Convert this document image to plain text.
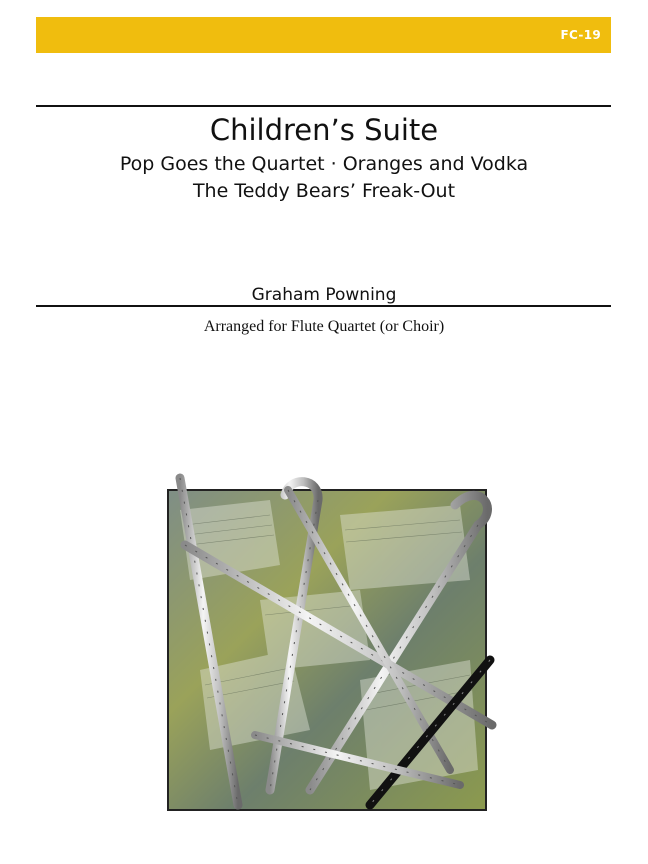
FC-19
Children’s Suite
Pop Goes the Quartet · Oranges and Vodka
The Teddy Bears’ Freak-Out
Graham Powning
Arranged for Flute Quartet (or Choir)
